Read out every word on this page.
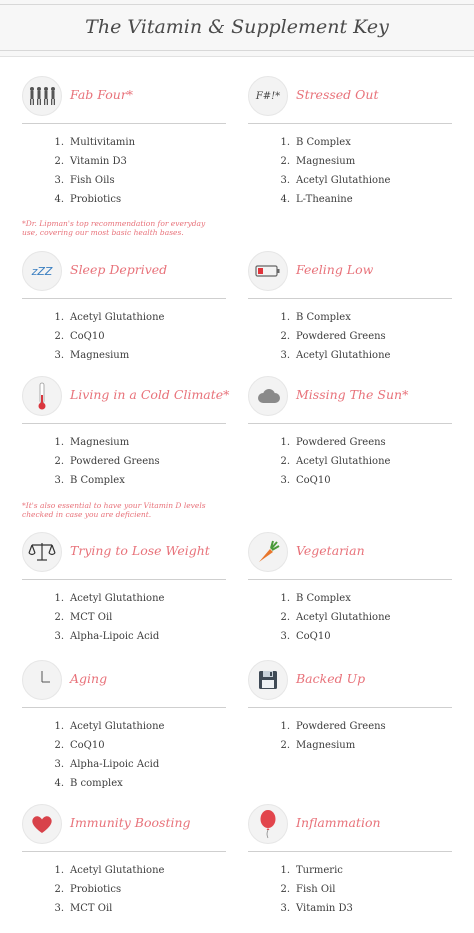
The Vitamin & Supplement Key
Fab Four*
1. Multivitamin
2. Vitamin D3
3. Fish Oils
4. Probiotics
F#!* Stressed Out
1. B Complex
2. Magnesium
3. Acetyl Glutathione
4. L-Theanine
*Dr. Lipman's top recommendation for everyday use, covering our most basic health bases.
zZZ Sleep Deprived
1. Acetyl Glutathione
2. CoQ10
3. Magnesium
Feeling Low
1. B Complex
2. Powdered Greens
3. Acetyl Glutathione
Living in a Cold Climate*
1. Magnesium
2. Powdered Greens
3. B Complex
Missing The Sun*
1. Powdered Greens
2. Acetyl Glutathione
3. CoQ10
*It's also essential to have your Vitamin D levels checked in case you are deficient.
Trying to Lose Weight
1. Acetyl Glutathione
2. MCT Oil
3. Alpha-Lipoic Acid
Vegetarian
1. B Complex
2. Acetyl Glutathione
3. CoQ10
Aging
1. Acetyl Glutathione
2. CoQ10
3. Alpha-Lipoic Acid
4. B complex
Backed Up
1. Powdered Greens
2. Magnesium
Immunity Boosting
1. Acetyl Glutathione
2. Probiotics
3. MCT Oil
Inflammation
1. Turmeric
2. Fish Oil
3. Vitamin D3
